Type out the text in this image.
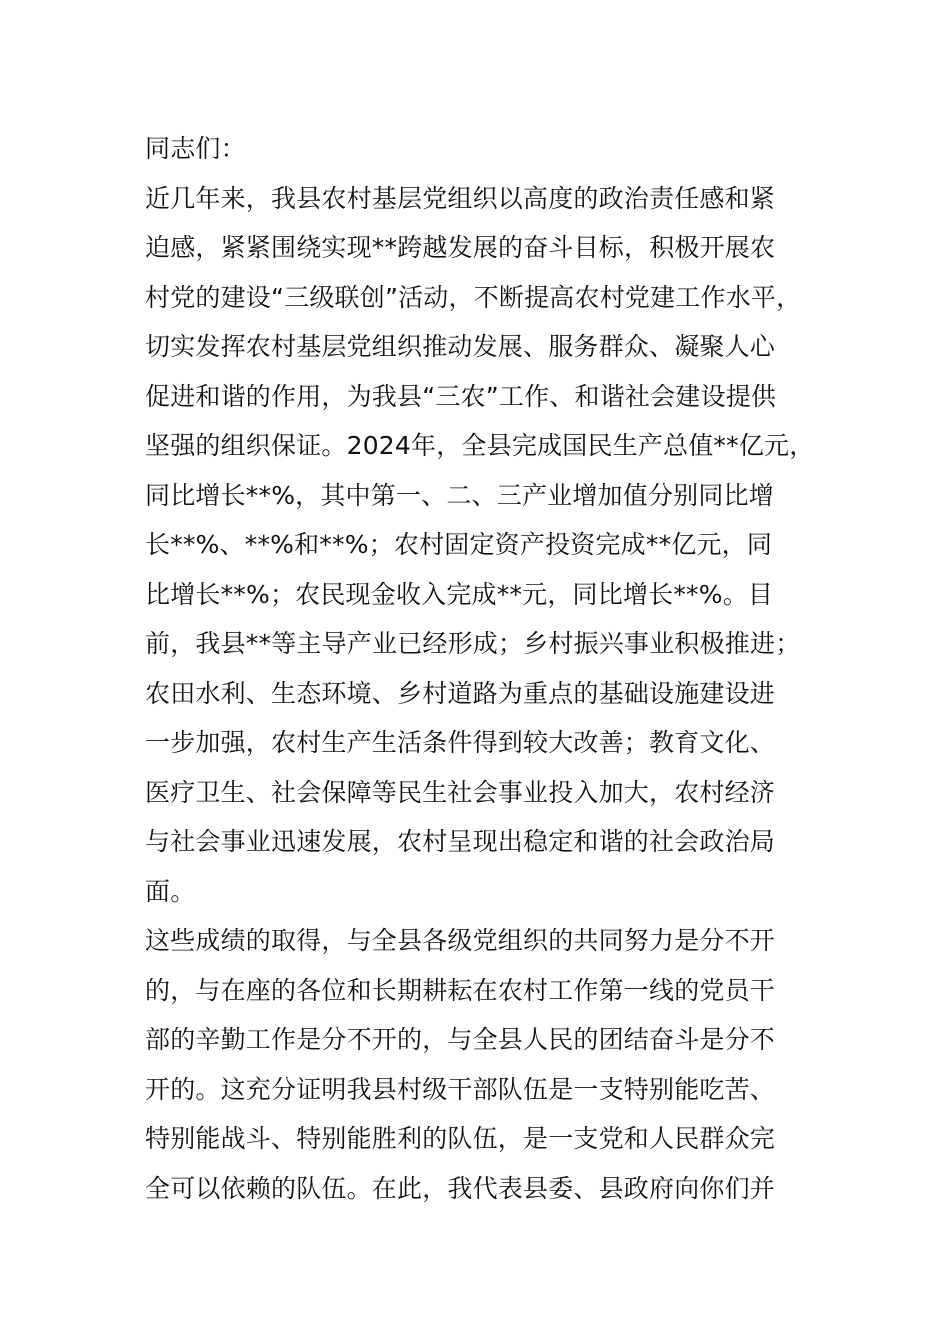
同志们：
近几年来，我县农村基层党组织以高度的政治责任感和紧
迫感，紧紧围绕实现**跨越发展的奋斗目标，积极开展农
村党的建设“三级联创”活动，不断提高农村党建工作水平，
切实发挥农村基层党组织推动发展、服务群众、凝聚人心
促进和谐的作用，为我县“三农”工作、和谐社会建设提供
坚强的组织保证。2024年，全县完成国民生产总值**亿元，
同比增长**%，其中第一、二、三产业增加值分别同比增
长**%、**%和**%；农村固定资产投资完成**亿元，同
比增长**%；农民现金收入完成**元，同比增长**%。目
前，我县**等主导产业已经形成；乡村振兴事业积极推进；
农田水利、生态环境、乡村道路为重点的基础设施建设进
一步加强，农村生产生活条件得到较大改善；教育文化、
医疗卫生、社会保障等民生社会事业投入加大，农村经济
与社会事业迅速发展，农村呈现出稳定和谐的社会政治局
面。
这些成绩的取得，与全县各级党组织的共同努力是分不开
的，与在座的各位和长期耕耘在农村工作第一线的党员干
部的辛勤工作是分不开的，与全县人民的团结奋斗是分不
开的。这充分证明我县村级干部队伍是一支特别能吃苦、
特别能战斗、特别能胜利的队伍，是一支党和人民群众完
全可以依赖的队伍。在此，我代表县委、县政府向你们并
